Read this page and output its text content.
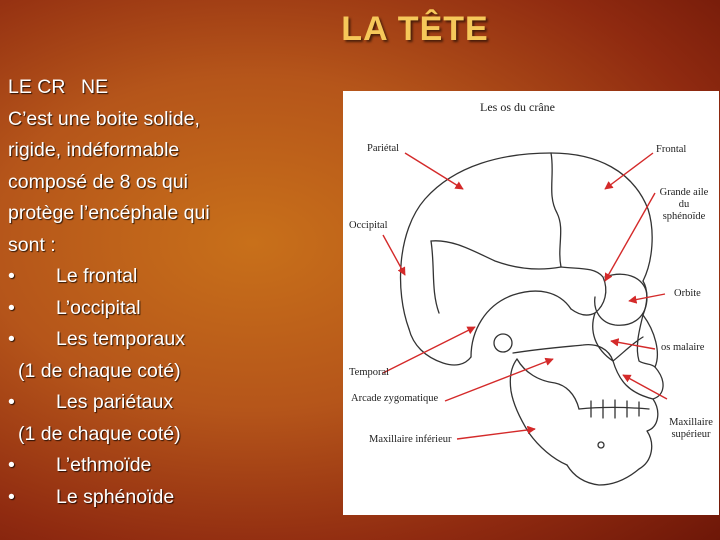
LA TÊTE
LE CRNE
C’est une boite solide,
rigide, indéformable
composé de 8 os qui
protège l’encéphale qui
sont :
•	Le frontal
•	L’occipital
•	Les temporaux
(1 de chaque coté)
•	Les pariétaux
(1 de chaque coté)
•	L’ethmoïde
•	Le sphénoïde
Les os du crâne
Pariétal	Frontal
Grande aile
du
sphénoïde
Occipital
Orbite
os malaire
Temporal
Arcade zygomatique
Maxillaire
supérieur
Maxillaire inférieur
